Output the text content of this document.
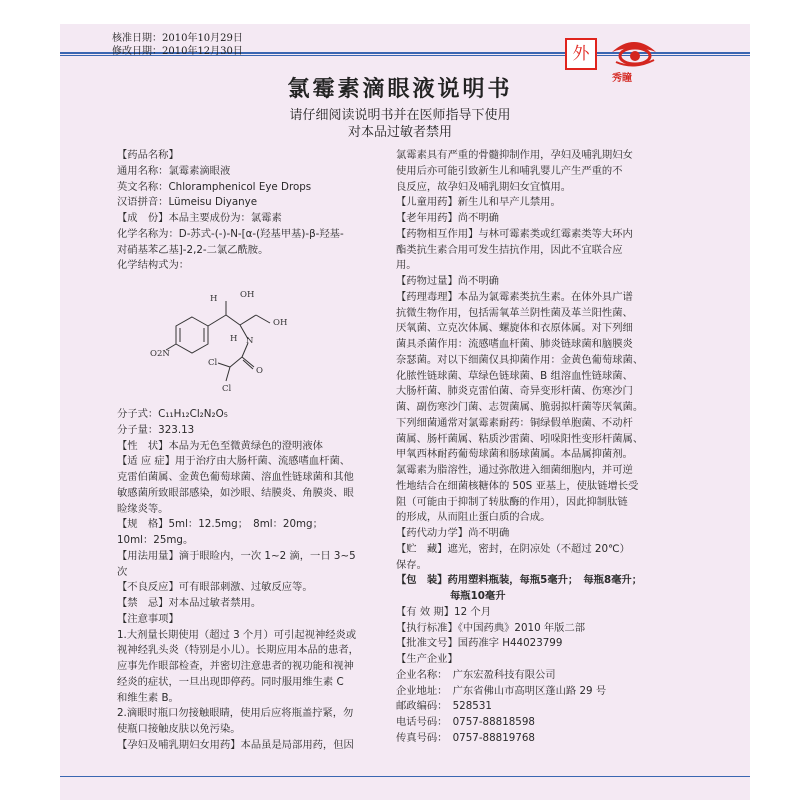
核准日期：2010年10月29日
修改日期：2010年12月30日	外
秀瞳
氯霉素滴眼液说明书
请仔细阅读说明书并在医师指导下使用
对本品过敏者禁用

【药品名称】

通用名称：氯霉素滴眼液

英文名称：Chloramphenicol Eye Drops

汉语拼音：Lümeisu Diyanye

【成　份】本品主要成份为：氯霉素

化学名称为：D-苏式-(-)-N-[α-(羟基甲基)-β-羟基-

对硝基苯乙基]-2,2-二氯乙酰胺。

化学结构式为：

H	OH
OH
N
H
O2N
O
Cl
Cl

分子式：C₁₁H₁₂Cl₂N₂O₅

分子量：323.13

【性　状】本品为无色至微黄绿色的澄明液体

【适 应 症】用于治疗由大肠杆菌、流感嗜血杆菌、

克雷伯菌属、金黄色葡萄球菌、溶血性链球菌和其他

敏感菌所致眼部感染，如沙眼、结膜炎、角膜炎、眼

睑缘炎等。

【规　格】5ml：12.5mg；　8ml：20mg；

10ml：25mg。

【用法用量】滴于眼睑内，一次 1~2 滴，一日 3~5

次

【不良反应】可有眼部刺激、过敏反应等。

【禁　忌】对本品过敏者禁用。

【注意事项】

1.大剂量长期使用（超过 3 个月）可引起视神经炎或

视神经乳头炎（特别是小儿）。长期应用本品的患者，

应事先作眼部检查，并密切注意患者的视功能和视神

经炎的症状，一旦出现即停药。同时服用维生素 C

和维生素 B。

2.滴眼时瓶口勿接触眼睛，使用后应将瓶盖拧紧，勿

使瓶口接触皮肤以免污染。

【孕妇及哺乳期妇女用药】本品虽是局部用药，但因

氯霉素具有严重的骨髓抑制作用，孕妇及哺乳期妇女

使用后亦可能引致新生儿和哺乳婴儿产生严重的不

良反应，故孕妇及哺乳期妇女宜慎用。

【儿童用药】新生儿和早产儿禁用。

【老年用药】尚不明确

【药物相互作用】与林可霉素类或红霉素类等大环内

酯类抗生素合用可发生拮抗作用，因此不宜联合应

用。

【药物过量】尚不明确

【药理毒理】本品为氯霉素类抗生素。在体外具广谱

抗微生物作用，包括需氧革兰阴性菌及革兰阳性菌、

厌氧菌、立克次体属、螺旋体和衣原体属。对下列细

菌具杀菌作用：流感嗜血杆菌、肺炎链球菌和脑膜炎

奈瑟菌。对以下细菌仅具抑菌作用：金黄色葡萄球菌、

化脓性链球菌、草绿色链球菌、B 组溶血性链球菌、

大肠杆菌、肺炎克雷伯菌、奇异变形杆菌、伤寒沙门

菌、副伤寒沙门菌、志贺菌属、脆弱拟杆菌等厌氧菌。

下列细菌通常对氯霉素耐药：铜绿假单胞菌、不动杆

菌属、肠杆菌属、粘质沙雷菌、吲哚阳性变形杆菌属、

甲氧西林耐药葡萄球菌和肠球菌属。本品属抑菌剂。

氯霉素为脂溶性，通过弥散进入细菌细胞内，并可逆

性地结合在细菌核糖体的 50S 亚基上，使肽链增长受

阻（可能由于抑制了转肽酶的作用），因此抑制肽链

的形成，从而阻止蛋白质的合成。

【药代动力学】尚不明确

【贮　藏】遮光，密封，在阴凉处（不超过 20℃）

保存。

【包　装】药用塑料瓶装，每瓶5毫升；　每瓶8毫升；

每瓶10毫升

【有 效 期】12 个月

【执行标准】《中国药典》2010 年版二部

【批准文号】国药准字 H44023799

【生产企业】

企业名称：　广东宏盈科技有限公司

企业地址：　广东省佛山市高明区蓬山路 29 号

邮政编码：　528531

电话号码：　0757-88818598

传真号码：　0757-88819768
